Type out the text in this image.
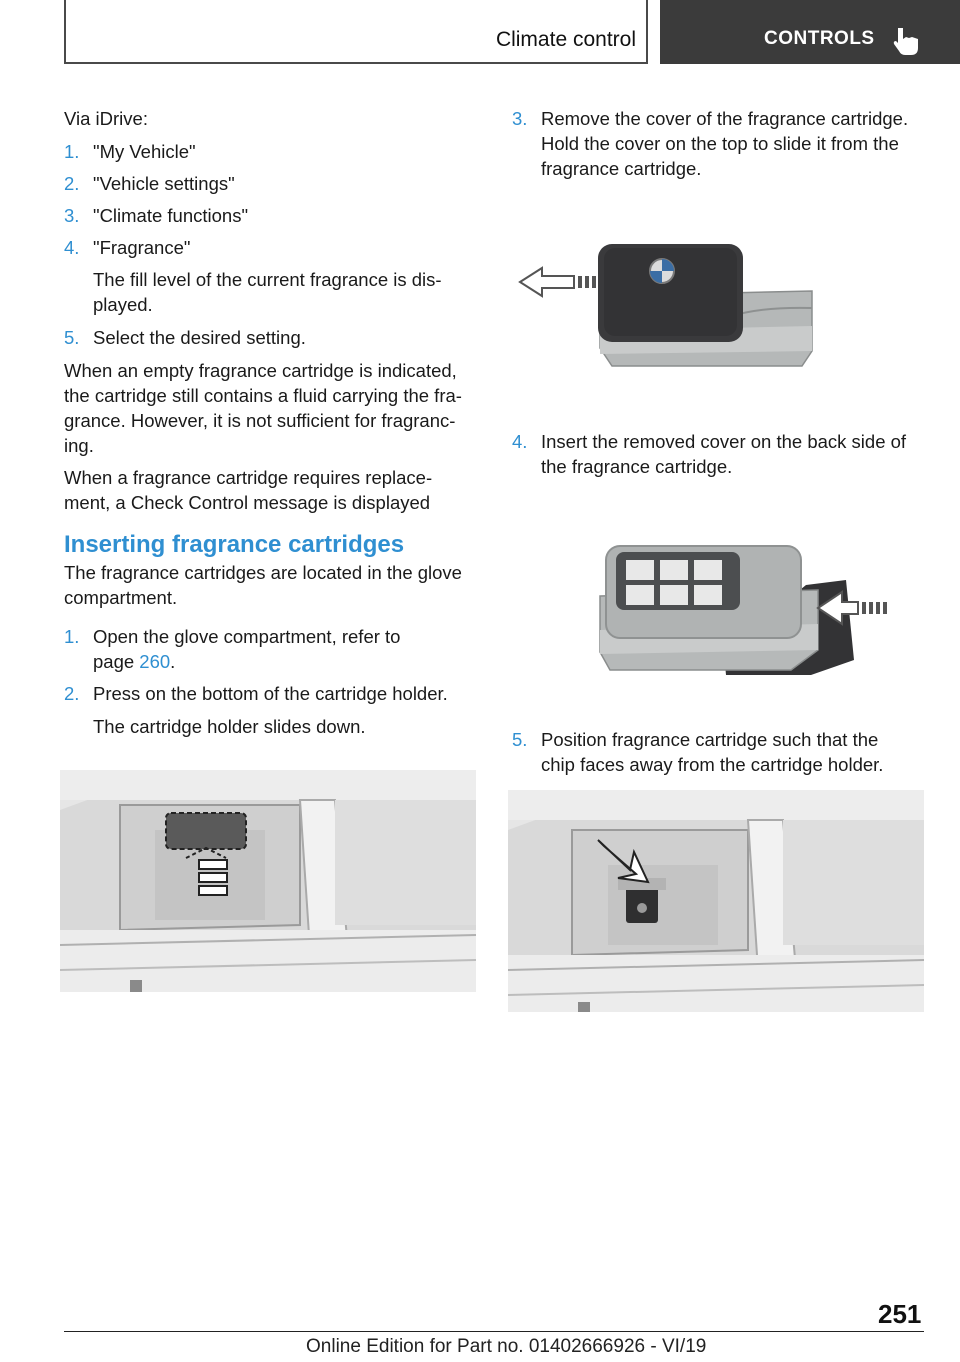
Climate control	CONTROLS

Via iDrive:

1. "My Vehicle"
2. "Vehicle settings"
3. "Climate functions"
4. "Fragrance"

The fill level of the current fragrance is dis-

played.

5. Select the desired setting.

When an empty fragrance cartridge is indicated,

the cartridge still contains a fluid carrying the fra-

grance. However, it is not sufficient for fragranc-

ing.

When a fragrance cartridge requires replace-

ment, a Check Control message is displayed

Inserting fragrance cartridges

The fragrance cartridges are located in the glove

compartment.

1. Open the glove compartment, refer to

page 260.

2. Press on the bottom of the cartridge holder.

The cartridge holder slides down.

3. Remove the cover of the fragrance cartridge.

Hold the cover on the top to slide it from the

fragrance cartridge.

4. Insert the removed cover on the back side of

the fragrance cartridge.

5. Position fragrance cartridge such that the

chip faces away from the cartridge holder.

251
Online Edition for Part no. 01402666926 - VI/19
